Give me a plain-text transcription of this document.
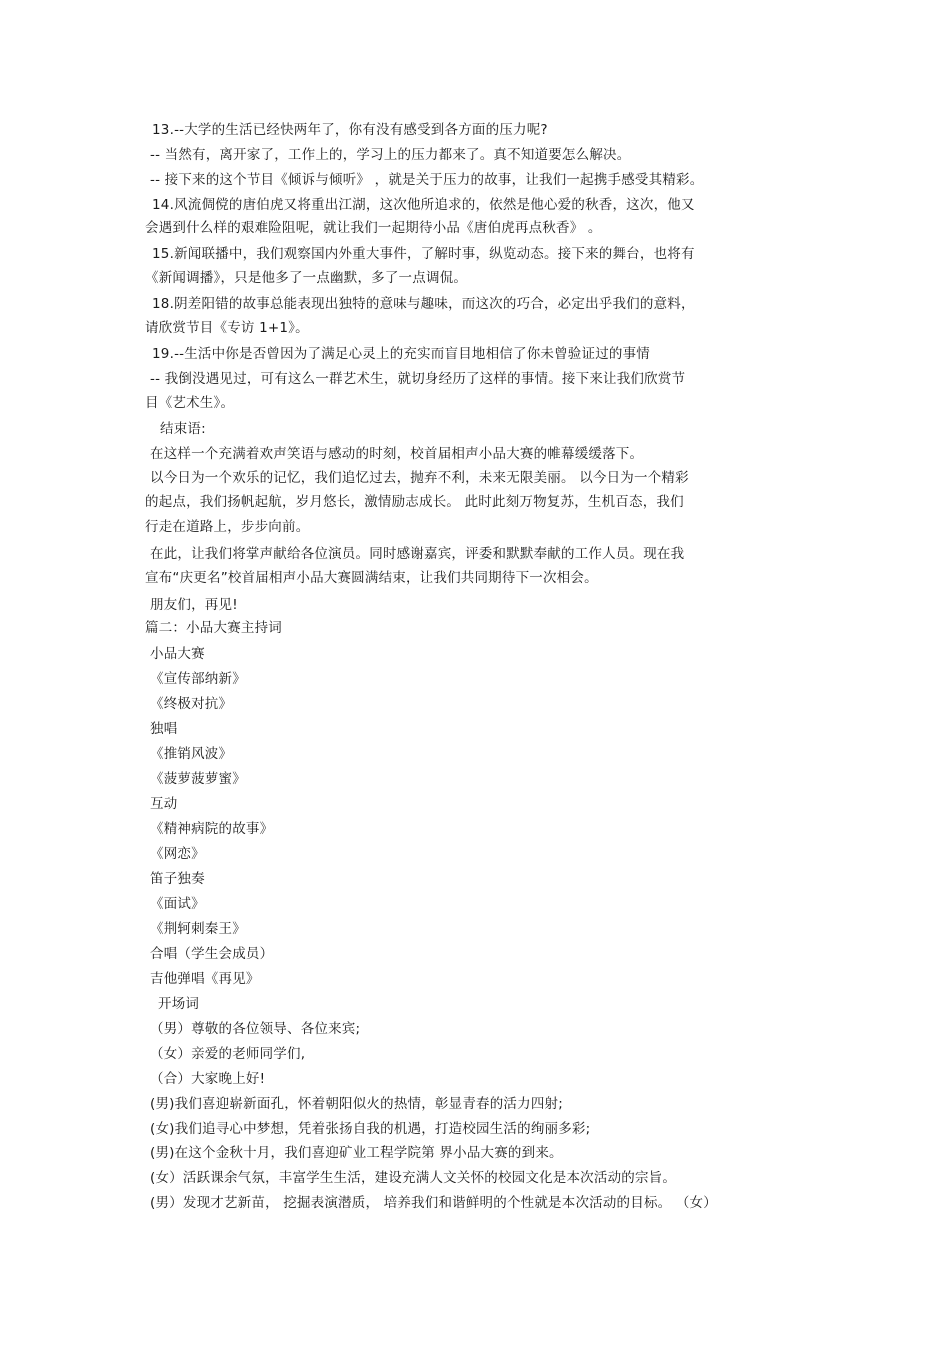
13.--大学的生活已经快两年了，你有没有感受到各方面的压力呢?
-- 当然有，离开家了，工作上的，学习上的压力都来了。真不知道要怎么解决。
-- 接下来的这个节目《倾诉与倾听》 ，就是关于压力的故事，让我们一起携手感受其精彩。
14.风流倜傥的唐伯虎又将重出江湖，这次他所追求的，依然是他心爱的秋香，这次，他又
会遇到什么样的艰难险阻呢，就让我们一起期待小品《唐伯虎再点秋香》 。
15.新闻联播中，我们观察国内外重大事件，了解时事，纵览动态。接下来的舞台，也将有
《新闻调播》，只是他多了一点幽默，多了一点调侃。
18.阴差阳错的故事总能表现出独特的意味与趣味，而这次的巧合，必定出乎我们的意料，
请欣赏节目《专访 1+1》。
19.--生活中你是否曾因为了满足心灵上的充实而盲目地相信了你未曾验证过的事情
-- 我倒没遇见过，可有这么一群艺术生，就切身经历了这样的事情。接下来让我们欣赏节
目《艺术生》。
结束语:
在这样一个充满着欢声笑语与感动的时刻，校首届相声小品大赛的帷幕缓缓落下。
以今日为一个欢乐的记忆，我们追忆过去，抛弃不利，未来无限美丽。 以今日为一个精彩
的起点，我们扬帆起航，岁月悠长，激情励志成长。 此时此刻万物复苏，生机百态，我们
行走在道路上，步步向前。
在此，让我们将掌声献给各位演员。同时感谢嘉宾，评委和默默奉献的工作人员。现在我
宣布“庆更名”校首届相声小品大赛圆满结束，让我们共同期待下一次相会。
朋友们，再见!
篇二：小品大赛主持词
小品大赛
《宣传部纳新》
《终极对抗》
独唱
《推销风波》
《菠萝菠萝蜜》
互动
《精神病院的故事》
《网恋》
笛子独奏
《面试》
《荆轲刺秦王》
合唱（学生会成员）
吉他弹唱《再见》
开场词
（男）尊敬的各位领导、各位来宾;
（女）亲爱的老师同学们,
（合）大家晚上好!
(男)我们喜迎崭新面孔，怀着朝阳似火的热情，彰显青春的活力四射;
(女)我们追寻心中梦想，凭着张扬自我的机遇，打造校园生活的绚丽多彩;
(男)在这个金秋十月，我们喜迎矿业工程学院第 界小品大赛的到来。
(女）活跃课余气氛，丰富学生生活，建设充满人文关怀的校园文化是本次活动的宗旨。
(男）发现才艺新苗， 挖掘表演潜质， 培养我们和谐鲜明的个性就是本次活动的目标。 （女）
